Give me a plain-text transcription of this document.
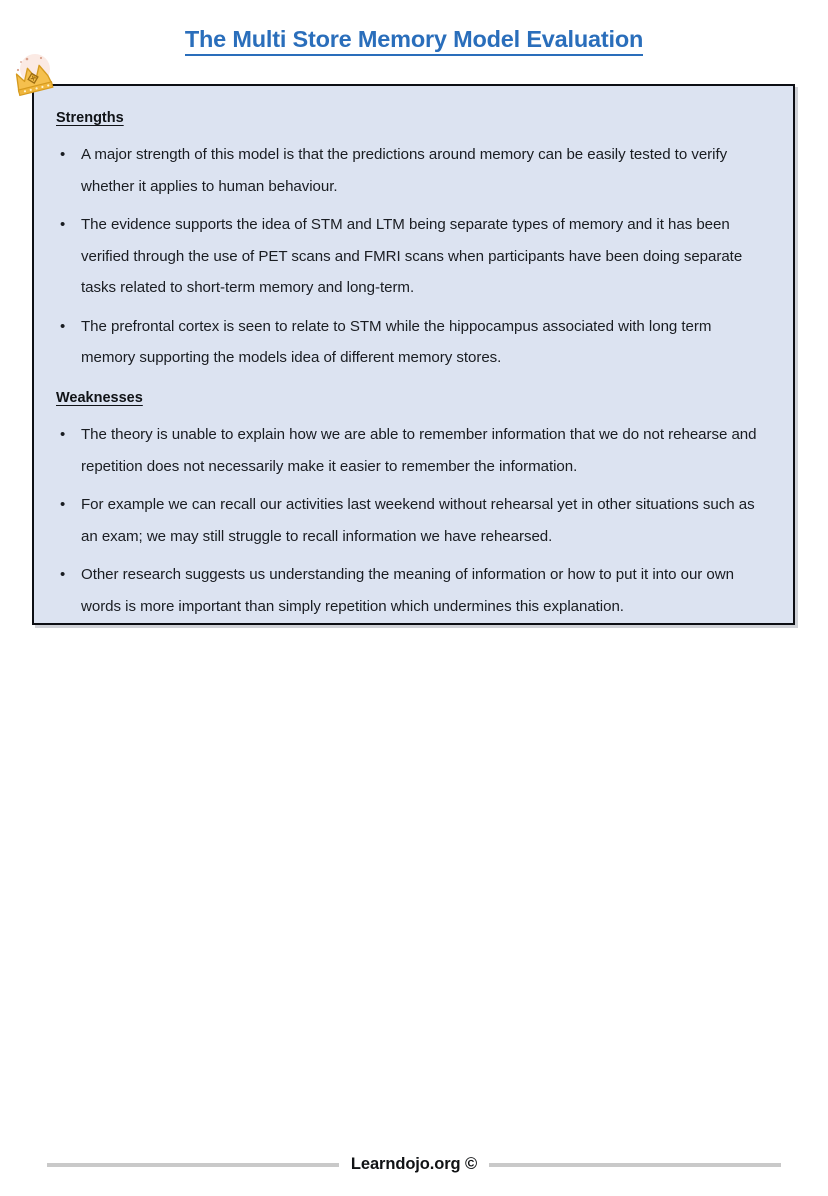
The Multi Store Memory Model Evaluation
Strengths
• A major strength of this model is that the predictions around memory can be easily tested to verify whether it applies to human behaviour.
• The evidence supports the idea of STM and LTM being separate types of memory and it has been verified through the use of PET scans and FMRI scans when participants have been doing separate tasks related to short-term memory and long-term.
• The prefrontal cortex is seen to relate to STM while the hippocampus associated with long term memory supporting the models idea of different memory stores.
Weaknesses
• The theory is unable to explain how we are able to remember information that we do not rehearse and repetition does not necessarily make it easier to remember the information.
• For example we can recall our activities last weekend without rehearsal yet in other situations such as an exam; we may still struggle to recall information we have rehearsed.
• Other research suggests us understanding the meaning of information or how to put it into our own words is more important than simply repetition which undermines this explanation.
Learndojo.org ©
